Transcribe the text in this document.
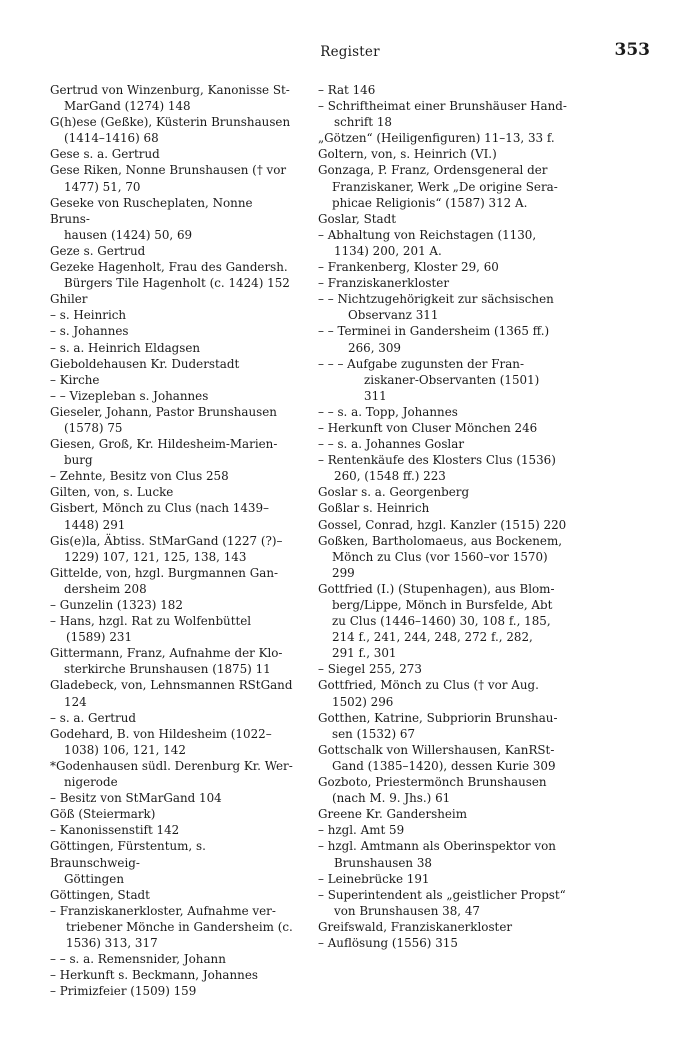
Register	353
Gertrud von Winzenburg, Kanonisse St-
MarGand (1274) 148
G(h)ese (Geßke), Küsterin Brunshausen
(1414–1416) 68
Gese s. a. Gertrud
Gese Riken, Nonne Brunshausen († vor
1477) 51, 70
Geseke von Ruscheplaten, Nonne Bruns-
hausen (1424) 50, 69
Geze s. Gertrud
Gezeke Hagenholt, Frau des Gandersh.
Bürgers Tile Hagenholt (c. 1424) 152
Ghiler
– s. Heinrich
– s. Johannes
– s. a. Heinrich Eldagsen
Gieboldehausen Kr. Duderstadt
– Kirche
– – Vizepleban s. Johannes
Gieseler, Johann, Pastor Brunshausen
(1578) 75
Giesen, Groß, Kr. Hildesheim-Marien-
burg
– Zehnte, Besitz von Clus 258
Gilten, von, s. Lucke
Gisbert, Mönch zu Clus (nach 1439–
1448) 291
Gis(e)la, Äbtiss. StMarGand (1227 (?)–
1229) 107, 121, 125, 138, 143
Gittelde, von, hzgl. Burgmannen Gan-
dersheim 208
– Gunzelin (1323) 182
– Hans, hzgl. Rat zu Wolfenbüttel
(1589) 231
Gittermann, Franz, Aufnahme der Klo-
sterkirche Brunshausen (1875) 11
Gladebeck, von, Lehnsmannen RStGand
124
– s. a. Gertrud
Godehard, B. von Hildesheim (1022–
1038) 106, 121, 142
*Godenhausen südl. Derenburg Kr. Wer-
nigerode
– Besitz von StMarGand 104
Göß (Steiermark)
– Kanonissenstift 142
Göttingen, Fürstentum, s. Braunschweig-
Göttingen
Göttingen, Stadt
– Franziskanerkloster, Aufnahme ver-
triebener Mönche in Gandersheim (c.
1536) 313, 317
– – s. a. Remensnider, Johann
– Herkunft s. Beckmann, Johannes
– Primizfeier (1509) 159
– Rat 146
– Schriftheimat einer Brunshäuser Hand-
schrift 18
„Götzen“ (Heiligenfiguren) 11–13, 33 f.
Goltern, von, s. Heinrich (VI.)
Gonzaga, P. Franz, Ordensgeneral der
Franziskaner, Werk „De origine Sera-
phicae Religionis“ (1587) 312 A.
Goslar, Stadt
– Abhaltung von Reichstagen (1130,
1134) 200, 201 A.
– Frankenberg, Kloster 29, 60
– Franziskanerkloster
– – Nichtzugehörigkeit zur sächsischen
Observanz 311
– – Terminei in Gandersheim (1365 ff.)
266, 309
– – – Aufgabe zugunsten der Fran-
ziskaner-Observanten (1501)
311
– – s. a. Topp, Johannes
– Herkunft von Cluser Mönchen 246
– – s. a. Johannes Goslar
– Rentenkäufe des Klosters Clus (1536)
260, (1548 ff.) 223
Goslar s. a. Georgenberg
Goßlar s. Heinrich
Gossel, Conrad, hzgl. Kanzler (1515) 220
Goßken, Bartholomaeus, aus Bockenem,
Mönch zu Clus (vor 1560–vor 1570)
299
Gottfried (I.) (Stupenhagen), aus Blom-
berg/Lippe, Mönch in Bursfelde, Abt
zu Clus (1446–1460) 30, 108 f., 185,
214 f., 241, 244, 248, 272 f., 282,
291 f., 301
– Siegel 255, 273
Gottfried, Mönch zu Clus († vor Aug.
1502) 296
Gotthen, Katrine, Subpriorin Brunshau-
sen (1532) 67
Gottschalk von Willershausen, KanRSt-
Gand (1385–1420), dessen Kurie 309
Gozboto, Priestermönch Brunshausen
(nach M. 9. Jhs.) 61
Greene Kr. Gandersheim
– hzgl. Amt 59
– hzgl. Amtmann als Oberinspektor von
Brunshausen 38
– Leinebrücke 191
– Superintendent als „geistlicher Propst“
von Brunshausen 38, 47
Greifswald, Franziskanerkloster
– Auflösung (1556) 315
